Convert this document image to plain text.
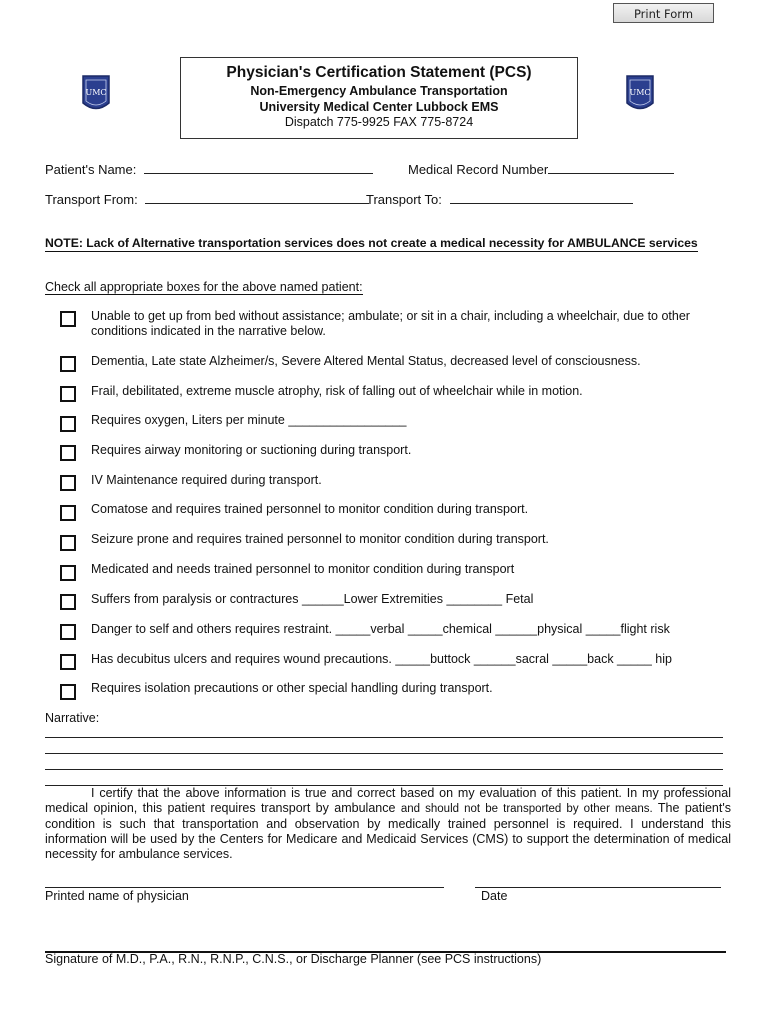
Print Form
UMC	UMC
Physician's Certification Statement (PCS)
Non-Emergency Ambulance Transportation
University Medical Center Lubbock EMS
Dispatch 775-9925 FAX 775-8724
Patient's Name:	Medical Record Number
Transport From:	Transport To:
NOTE: Lack of Alternative transportation services does not create a medical necessity for AMBULANCE services
Check all appropriate boxes for the above named patient:
Unable to get up from bed without assistance; ambulate; or sit in a chair, including a wheelchair, due to other conditions indicated in the narrative below.
Dementia, Late state Alzheimer/s, Severe Altered Mental Status, decreased level of consciousness.
Frail, debilitated, extreme muscle atrophy, risk of falling out of wheelchair while in motion.
Requires oxygen, Liters per minute _________________
Requires airway monitoring or suctioning during transport.
IV Maintenance required during transport.
Comatose and requires trained personnel to monitor condition during transport.
Seizure prone and requires trained personnel to monitor condition during transport.
Medicated and needs trained personnel to monitor condition during transport
Suffers from paralysis or contractures ______Lower Extremities ________ Fetal
Danger to self and others requires restraint. _____verbal _____chemical ______physical _____flight risk
Has decubitus ulcers and requires wound precautions. _____buttock ______sacral _____back _____ hip
Requires isolation precautions or other special handling during transport.
Narrative:
I certify that the above information is true and correct based on my evaluation of this patient. In my professional medical opinion, this patient requires transport by ambulance and should not be transported by other means. The patient's condition is such that transportation and observation by medically trained personnel is required. I understand this information will be used by the Centers for Medicare and Medicaid Services (CMS) to support the determination of medical necessity for ambulance services.
Printed name of physician	Date
Signature of M.D., P.A., R.N., R.N.P., C.N.S., or Discharge Planner (see PCS instructions)
